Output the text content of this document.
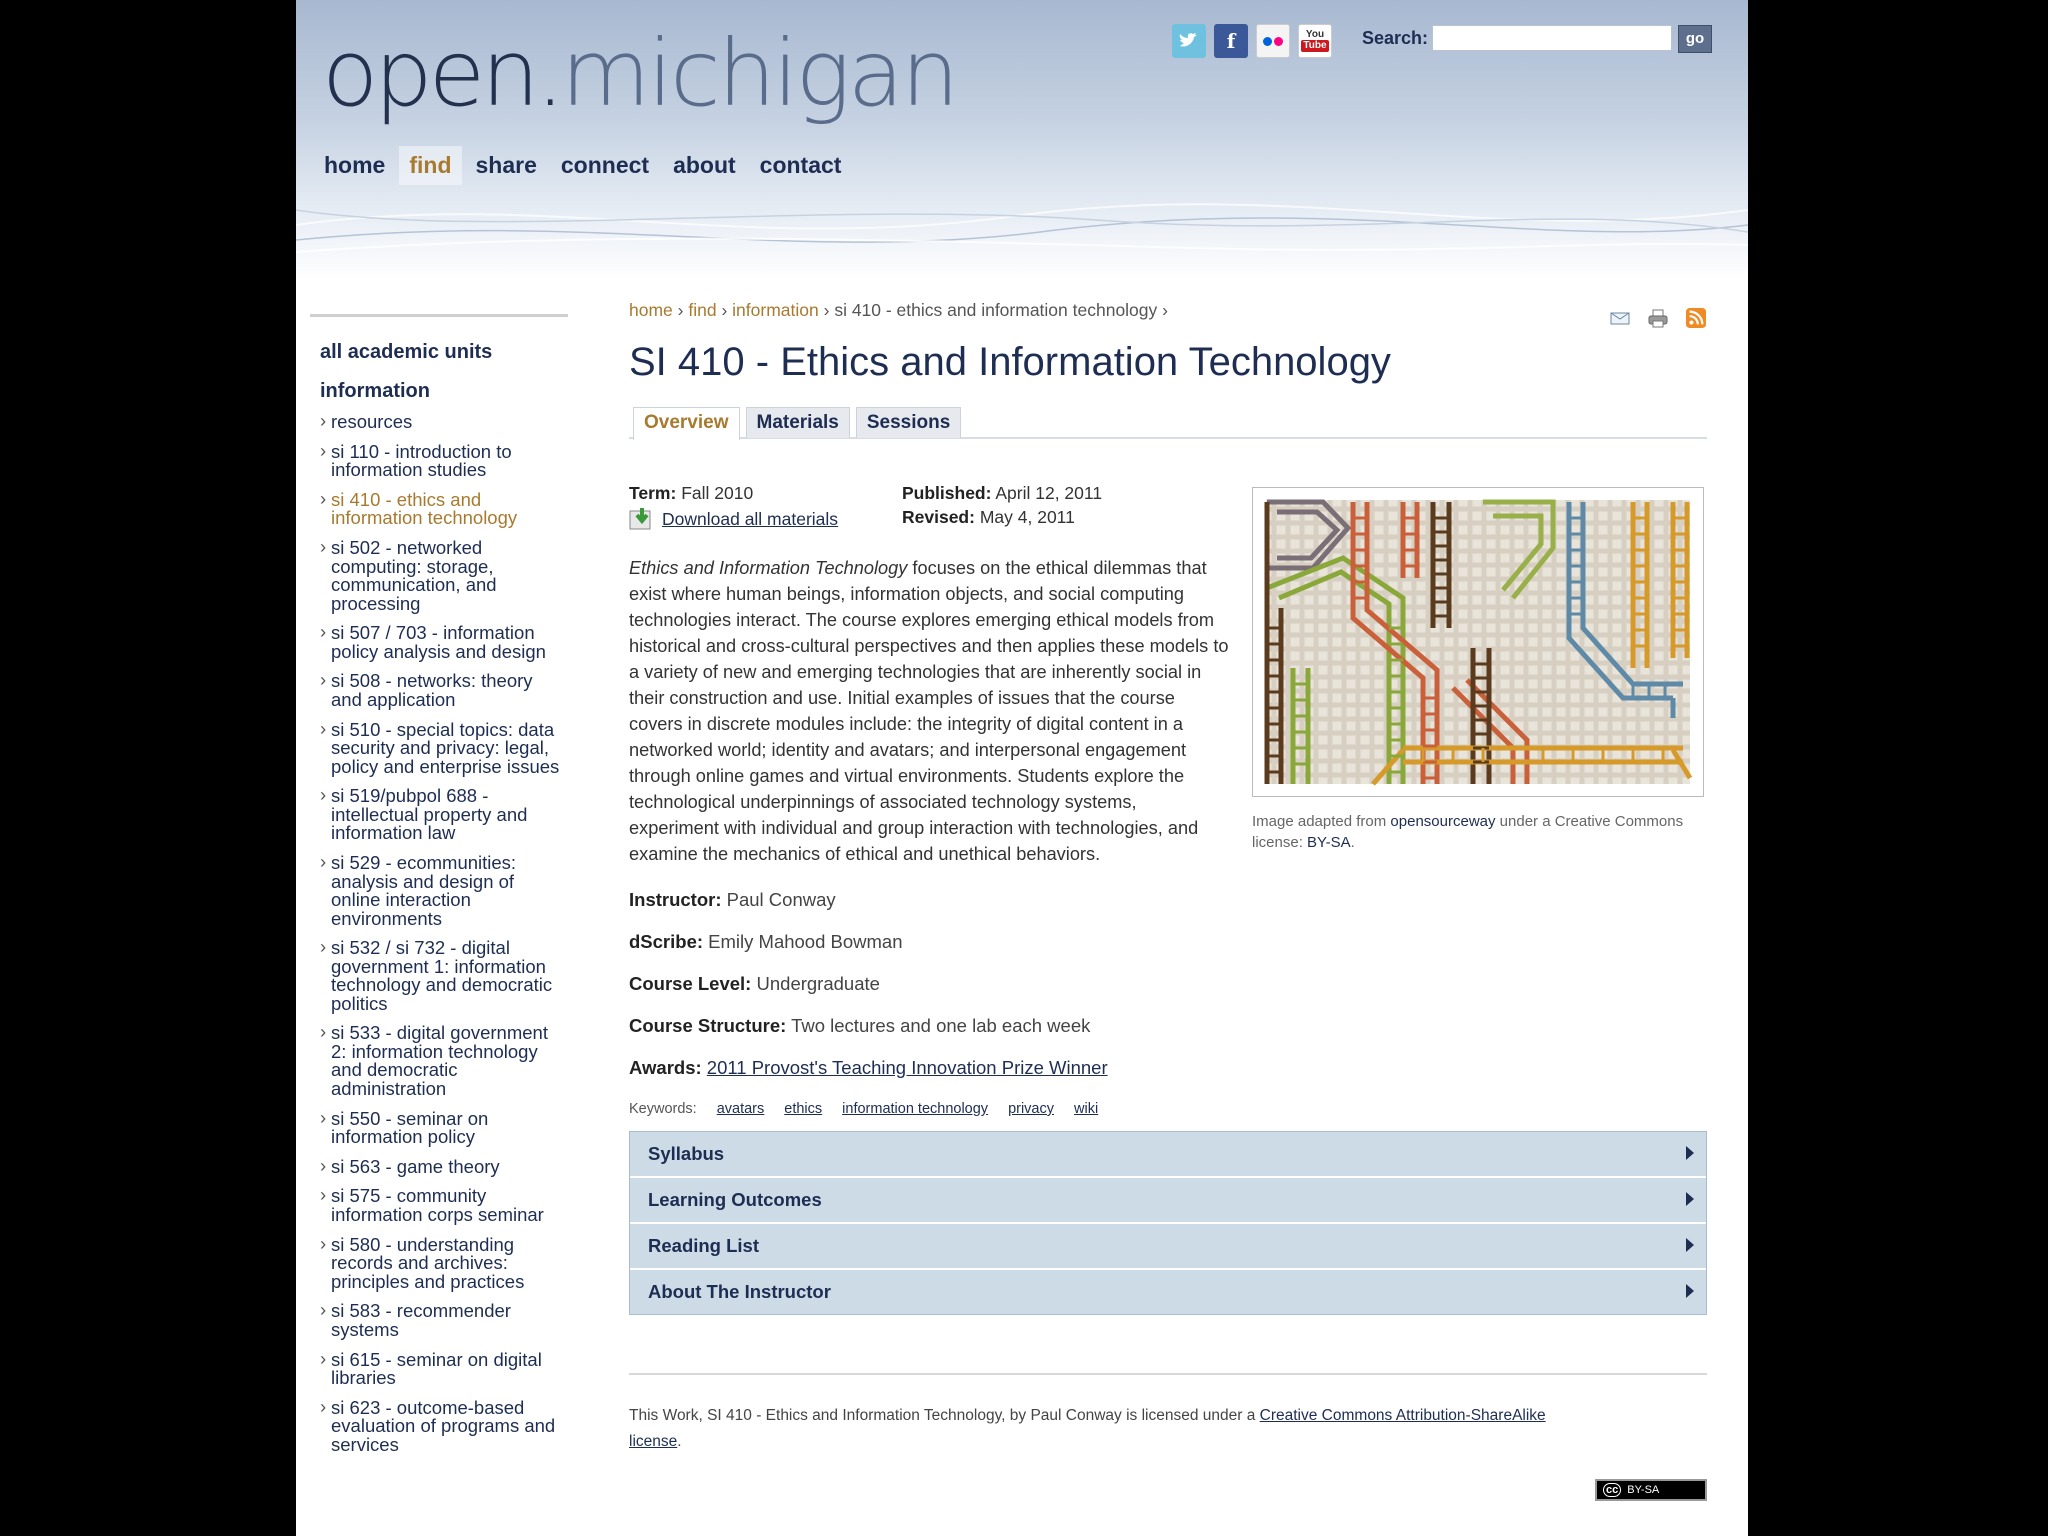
open.michigan
home	find	share	connect	about	contact
f	You
Tube Search:	go
all academic units
information
› resources
› si 110 - introduction to information studies
› si 410 - ethics and information technology
› si 502 - networked computing: storage, communication, and processing
› si 507 / 703 - information policy analysis and design
› si 508 - networks: theory and application
› si 510 - special topics: data security and privacy: legal, policy and enterprise issues
› si 519/pubpol 688 - intellectual property and information law
› si 529 - ecommunities: analysis and design of online interaction environments
› si 532 / si 732 - digital government 1: information technology and democratic politics
› si 533 - digital government 2: information technology and democratic administration
› si 550 - seminar on information policy
› si 563 - game theory
› si 575 - community information corps seminar
› si 580 - understanding records and archives: principles and practices
› si 583 - recommender systems
› si 615 - seminar on digital libraries
› si 623 - outcome-based evaluation of programs and services
home › find › information › si 410 - ethics and information technology ›
SI 410 - Ethics and Information Technology
Overview	Materials	Sessions
Term: Fall 2010
Download all materials
Published: April 12, 2011
Revised: May 4, 2011
Ethics and Information Technology focuses on the ethical dilemmas that exist where human beings, information objects, and social computing technologies interact. The course explores emerging ethical models from historical and cross-cultural perspectives and then applies these models to a variety of new and emerging technologies that are inherently social in their construction and use. Initial examples of issues that the course covers in discrete modules include: the integrity of digital content in a networked world; identity and avatars; and interpersonal engagement through online games and virtual environments. Students explore the technological underpinnings of associated technology systems, experiment with individual and group interaction with technologies, and examine the mechanics of ethical and unethical behaviors.
Instructor: Paul Conway
dScribe: Emily Mahood Bowman
Course Level: Undergraduate
Course Structure: Two lectures and one lab each week
Awards: 2011 Provost's Teaching Innovation Prize Winner
Keywords: avatars ethics information technology privacy wiki
Syllabus
Learning Outcomes
Reading List
About The Instructor
This Work, SI 410 - Ethics and Information Technology, by Paul Conway is licensed under a Creative Commons Attribution-ShareAlike license.
cc BY-SA
Image adapted from opensourceway under a Creative Commons license: BY-SA.
